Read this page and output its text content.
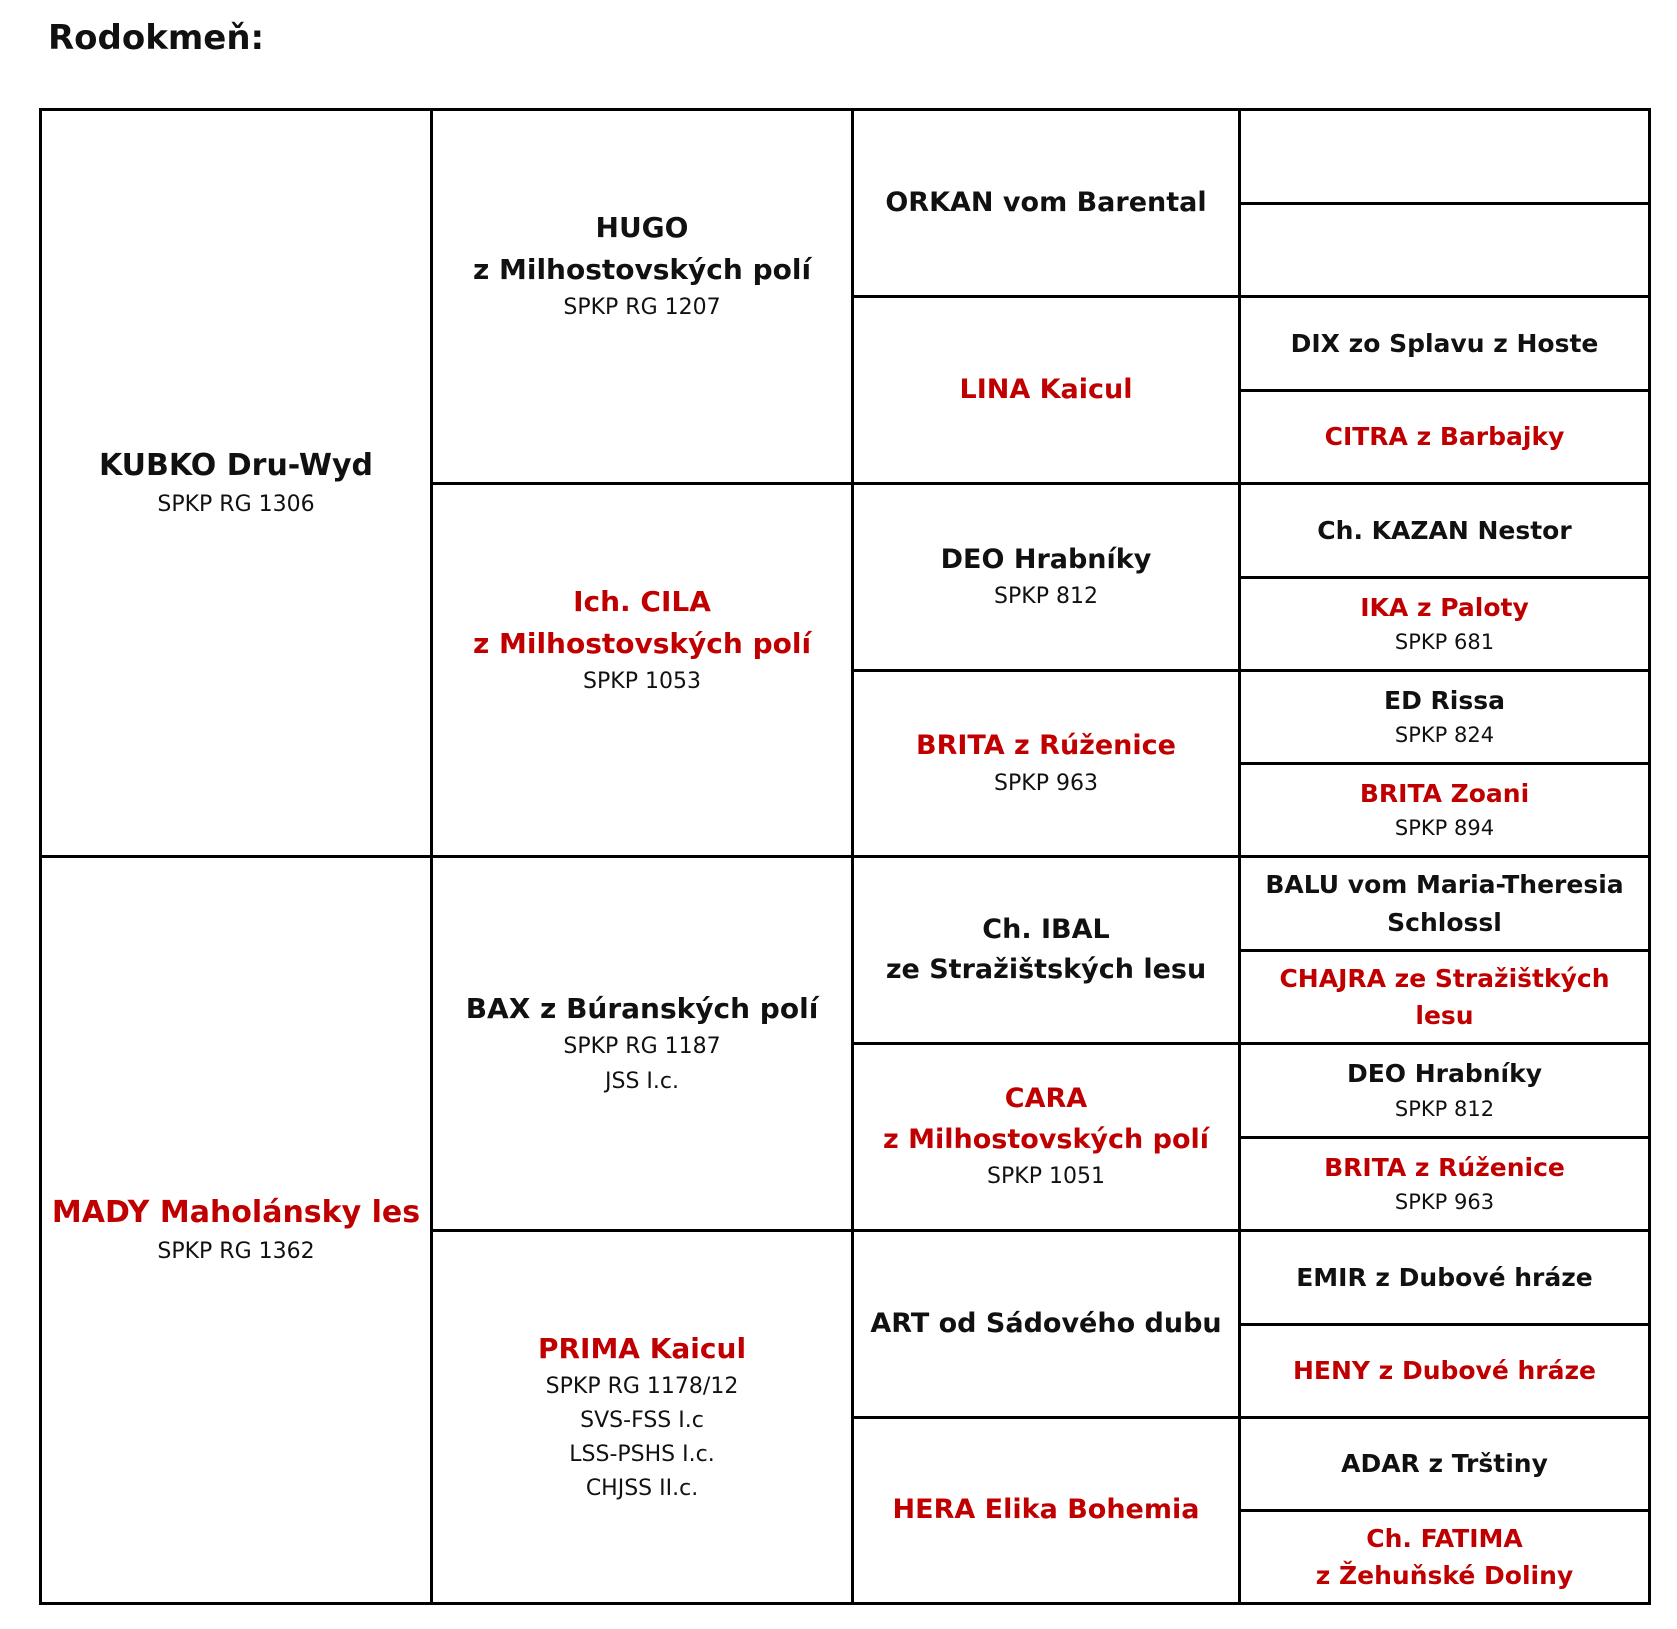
Rodokmeň:
KUBKO Dru-Wyd
SPKP RG 1306
MADY Maholánsky les
SPKP RG 1362
HUGO
z Milhostovských polí
SPKP RG 1207
Ich. CILA
z Milhostovských polí
SPKP 1053
BAX z Búranských polí
SPKP RG 1187
JSS I.c.
PRIMA Kaicul
SPKP RG 1178/12
SVS-FSS I.c
LSS-PSHS I.c.
CHJSS II.c.
ORKAN vom Barental
LINA Kaicul
DEO Hrabníky
SPKP 812
BRITA z Rúženice
SPKP 963
Ch. IBAL
ze Stražištských lesu
CARA
z Milhostovských polí
SPKP 1051
ART od Sádového dubu
HERA Elika Bohemia
DIX zo Splavu z Hoste
CITRA z Barbajky
Ch. KAZAN Nestor
IKA z Paloty
SPKP 681
ED Rissa
SPKP 824
BRITA Zoani
SPKP 894
BALU vom Maria-Theresia
Schlossl
CHAJRA ze Stražištkých lesu
DEO Hrabníky
SPKP 812
BRITA z Rúženice
SPKP 963
EMIR z Dubové hráze
HENY z Dubové hráze
ADAR z Trštiny
Ch. FATIMA
z Žehuňské Doliny
